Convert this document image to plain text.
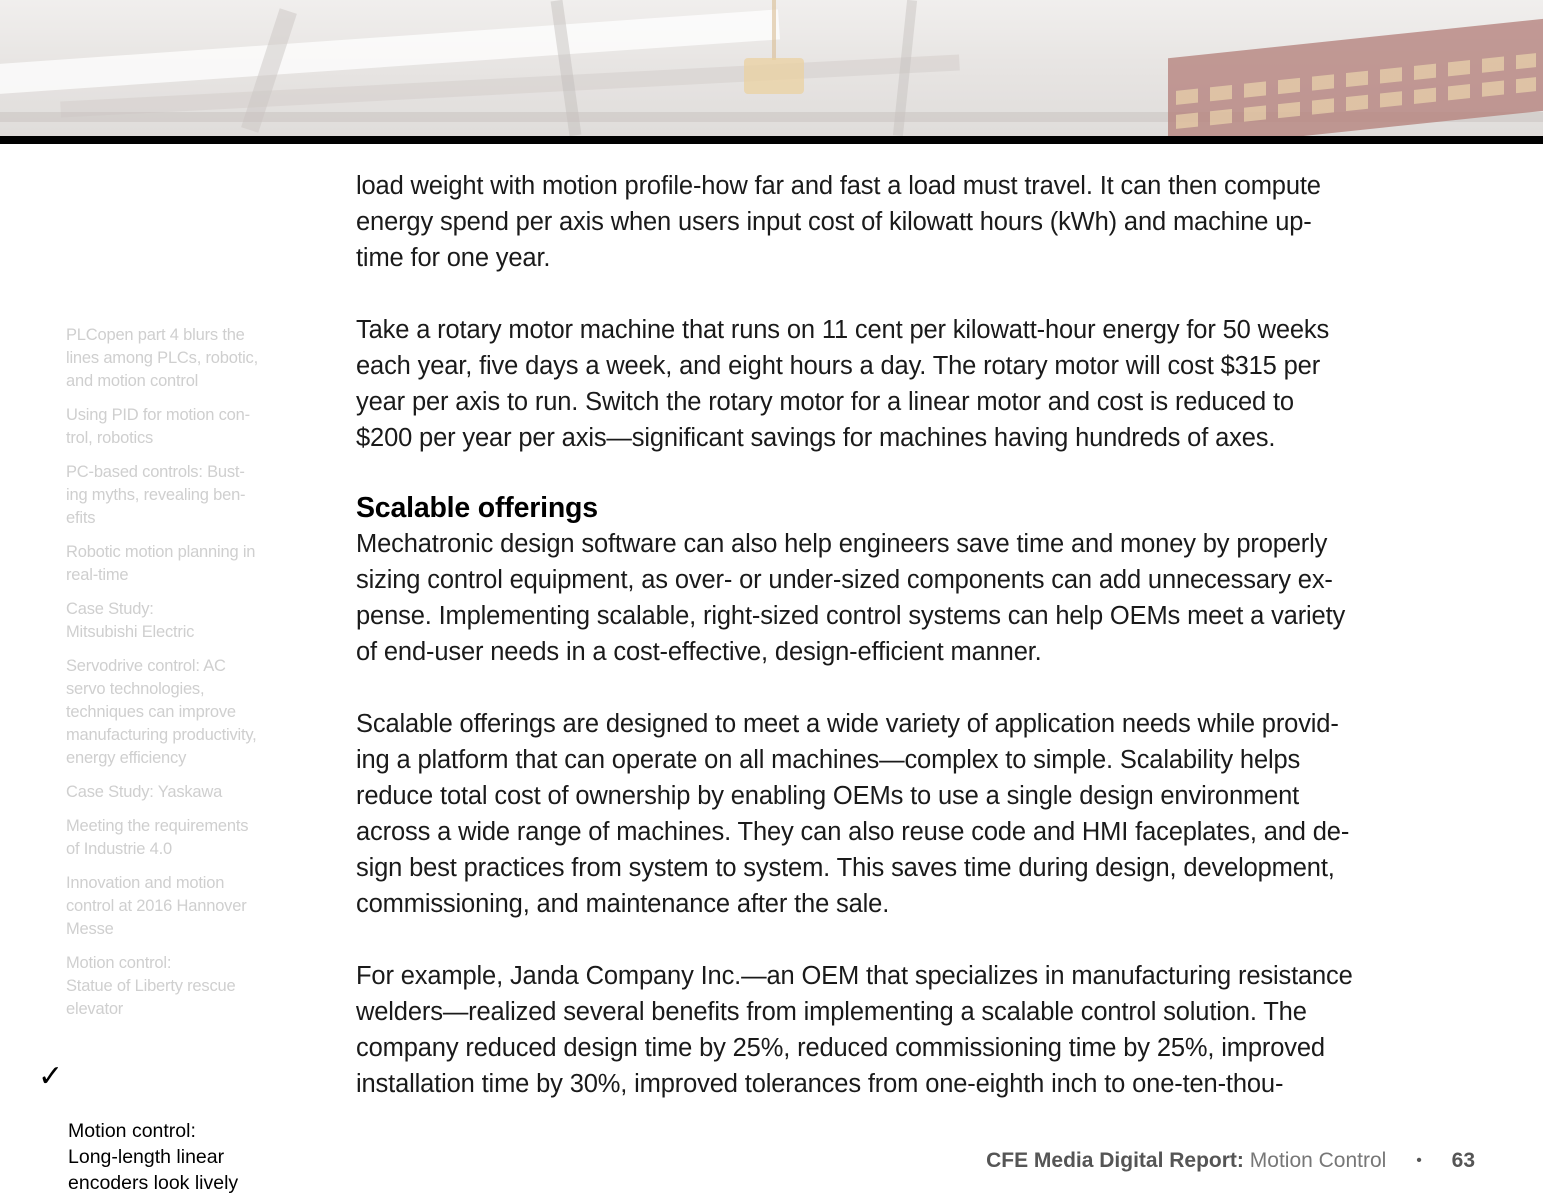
PLCopen part 4 blurs the
lines among PLCs, robotic,
and motion control
Using PID for motion con-
trol, robotics
PC-based controls: Bust-
ing myths, revealing ben-
efits
Robotic motion planning in
real-time
Case Study:
Mitsubishi Electric
Servodrive control: AC
servo technologies,
techniques can improve
manufacturing productivity,
energy efficiency
Case Study: Yaskawa
Meeting the requirements
of Industrie 4.0
Innovation and motion
control at 2016 Hannover
Messe
Motion control:
Statue of Liberty rescue
elevator

✓

Motion control:
Long-length linear
encoders look lively

load weight with motion profile-how far and fast a load must travel. It can then compute
energy spend per axis when users input cost of kilowatt hours (kWh) and machine up-
time for one year.

Take a rotary motor machine that runs on 11 cent per kilowatt-hour energy for 50 weeks
each year, five days a week, and eight hours a day. The rotary motor will cost $315 per
year per axis to run. Switch the rotary motor for a linear motor and cost is reduced to
$200 per year per axis—significant savings for machines having hundreds of axes.

Scalable offerings

Mechatronic design software can also help engineers save time and money by properly
sizing control equipment, as over- or under-sized components can add unnecessary ex-
pense. Implementing scalable, right-sized control systems can help OEMs meet a variety
of end-user needs in a cost-effective, design-efficient manner.

Scalable offerings are designed to meet a wide variety of application needs while provid-
ing a platform that can operate on all machines—complex to simple. Scalability helps
reduce total cost of ownership by enabling OEMs to use a single design environment
across a wide range of machines. They can also reuse code and HMI faceplates, and de-
sign best practices from system to system. This saves time during design, development,
commissioning, and maintenance after the sale.

For example, Janda Company Inc.—an OEM that specializes in manufacturing resistance
welders—realized several benefits from implementing a scalable control solution. The
company reduced design time by 25%, reduced commissioning time by 25%, improved
installation time by 30%, improved tolerances from one-eighth inch to one-ten-thou-

CFE Media Digital Report: Motion Control • 63
